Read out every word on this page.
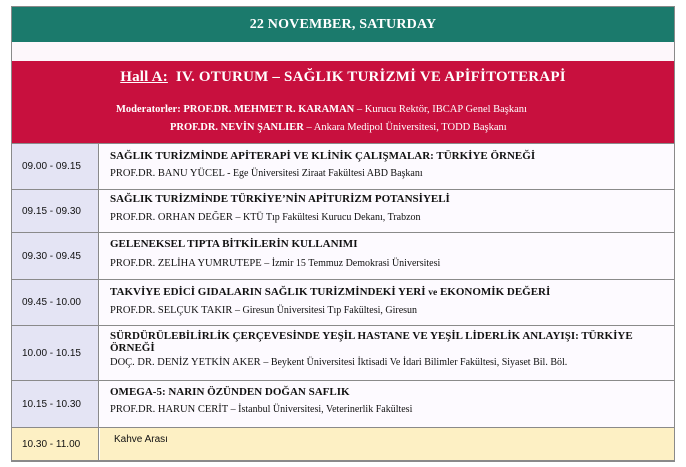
22 NOVEMBER, SATURDAY
Hall A: IV. OTURUM – SAĞLIK TURİZMİ VE APİFİTOTERAPİ
Moderatorler: PROF.DR. MEHMET R. KARAMAN – Kurucu Rektör, IBCAP Genel Başkanı
PROF.DR. NEVİN ŞANLIER – Ankara Medipol Üniversitesi, TODD Başkanı
09.00 - 09.15
SAĞLIK TURİZMİNDE APİTERAPİ VE KLİNİK ÇALIŞMALAR: TÜRKİYE ÖRNEĞİ
PROF.DR. BANU YÜCEL - Ege Üniversitesi Ziraat Fakültesi ABD Başkanı
09.15 - 09.30
SAĞLIK TURİZMİNDE TÜRKİYE’NİN APİTURİZM POTANSİYELİ
PROF.DR. ORHAN DEĞER – KTÜ Tıp Fakültesi Kurucu Dekanı, Trabzon
09.30 - 09.45
GELENEKSEL TIPTA BİTKİLERİN KULLANIMI
PROF.DR. ZELİHA YUMRUTEPE – İzmir 15 Temmuz Demokrasi Üniversitesi
09.45 - 10.00
TAKVİYE EDİCİ GIDALARIN SAĞLIK TURİZMİNDEKİ YERİ ve EKONOMİK DEĞERİ
PROF.DR. SELÇUK TAKIR – Giresun Üniversitesi Tıp Fakültesi, Giresun
10.00 - 10.15
SÜRDÜRÜLEBİLİRLİK ÇERÇEVESİNDE YEŞİL HASTANE VE YEŞİL LİDERLİK ANLAYIŞI: TÜRKİYE ÖRNEĞİ
DOÇ. DR. DENİZ YETKİN AKER – Beykent Üniversitesi İktisadi Ve İdari Bilimler Fakültesi, Siyaset Bil. Böl.
10.15 - 10.30
OMEGA-5: NARIN ÖZÜNDEN DOĞAN SAFLIK
PROF.DR. HARUN CERİT – İstanbul Üniversitesi, Veterinerlik Fakültesi
10.30 - 11.00	Kahve Arası
